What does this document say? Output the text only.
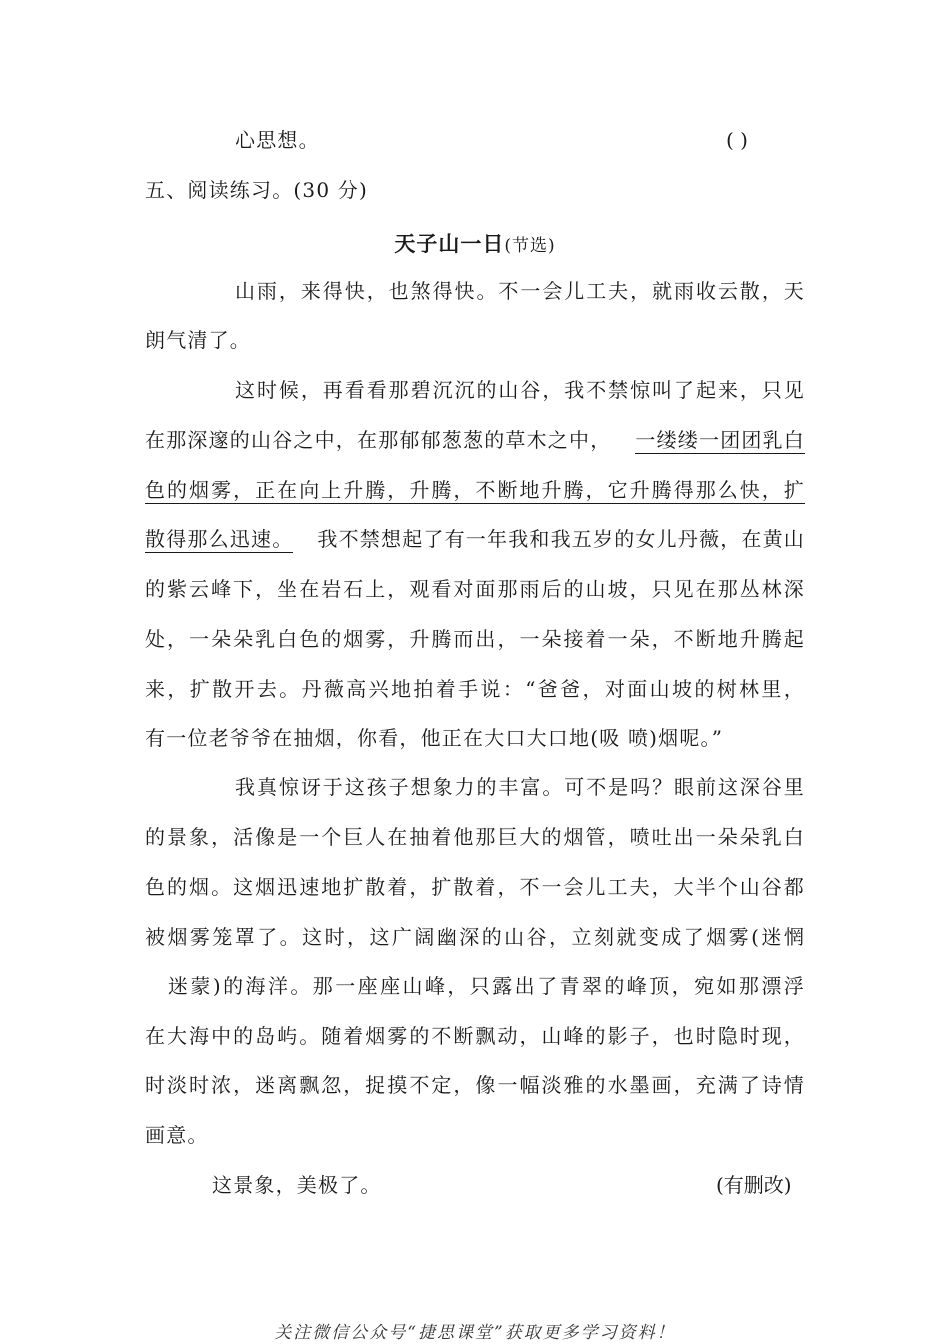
心思想。	( )
五、阅读练习。(30 分)
天子山一日(节选)
山雨，来得快，也煞得快。不一会儿工夫，就雨收云散，天
朗气清了。
这时候，再看看那碧沉沉的山谷，我不禁惊叫了起来，只见
在那深邃的山谷之中，在那郁郁葱葱的草木之中， 一缕缕一团团乳白
色的烟雾，正在向上升腾，升腾，不断地升腾，它升腾得那么快，扩
散得那么迅速。 我不禁想起了有一年我和我五岁的女儿丹薇，在黄山
的紫云峰下，坐在岩石上，观看对面那雨后的山坡，只见在那丛林深
处，一朵朵乳白色的烟雾，升腾而出，一朵接着一朵，不断地升腾起
来，扩散开去。丹薇高兴地拍着手说：“爸爸，对面山坡的树林里，
有一位老爷爷在抽烟，你看，他正在大口大口地(吸 喷)烟呢。”
我真惊讶于这孩子想象力的丰富。可不是吗？眼前这深谷里
的景象，活像是一个巨人在抽着他那巨大的烟管，喷吐出一朵朵乳白
色的烟。这烟迅速地扩散着，扩散着，不一会儿工夫，大半个山谷都
被烟雾笼罩了。这时，这广阔幽深的山谷，立刻就变成了烟雾(迷惘
迷蒙)的海洋。那一座座山峰，只露出了青翠的峰顶，宛如那漂浮
在大海中的岛屿。随着烟雾的不断飘动，山峰的影子，也时隐时现，
时淡时浓，迷离飘忽，捉摸不定，像一幅淡雅的水墨画，充满了诗情
画意。
这景象，美极了。	(有删改)
关注微信公众号“捷思课堂”获取更多学习资料！
